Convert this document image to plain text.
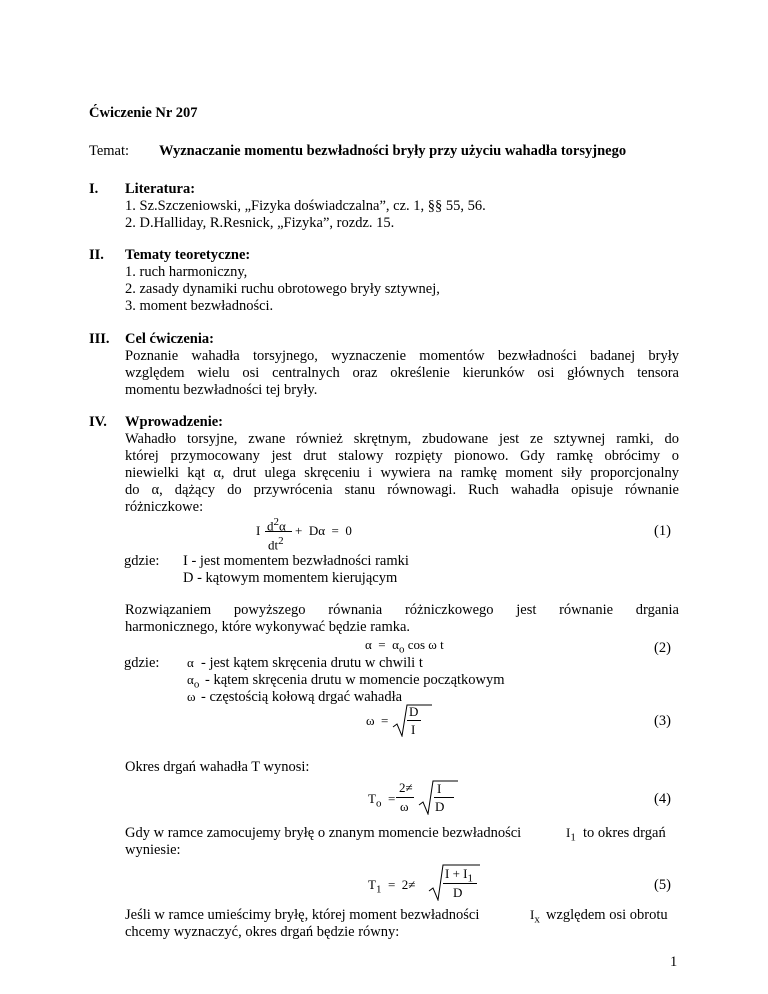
Ćwiczenie Nr 207
Temat: Wyznaczanie momentu bezwładności bryły przy użyciu wahadła torsyjnego
I. Literatura:
1. Sz.Szczeniowski, „Fizyka doświadczalna”, cz. 1, §§ 55, 56.
2. D.Halliday, R.Resnick, „Fizyka”, rozdz. 15.
II. Tematy teoretyczne:
1. ruch harmoniczny,
2. zasady dynamiki ruchu obrotowego bryły sztywnej,
3. moment bezwładności.
III. Cel ćwiczenia:
Poznanie wahadła torsyjnego, wyznaczenie momentów bezwładności badanej bryły
względem wielu osi centralnych oraz określenie kierunków osi głównych tensora
momentu bezwładności tej bryły.
IV. Wprowadzenie:
Wahadło torsyjne, zwane również skrętnym, zbudowane jest ze sztywnej ramki, do
której przymocowany jest drut stalowy rozpięty pionowo. Gdy ramkę obrócimy o
niewielki kąt α, drut ulega skręceniu i wywiera na ramkę moment siły proporcjonalny
do α, dążący do przywrócenia stanu równowagi. Ruch wahadła opisuje równanie
różniczkowe:
I $d^2\alpha$
$dt^2$
+  Dα  =  0	(1)
gdzie: I - jest momentem bezwładności ramki
D - kątowym momentem kierującym
Rozwiązaniem powyższego równania różniczkowego jest równanie drgania
harmonicznego, które wykonywać będzie ramka.
$\alpha = \alpha_o$ cos ω t	(2)
gdzie: α - jest kątem skręcenia drutu w chwili t
$\alpha_o$ - kątem skręcenia drutu w momencie początkowym
ω - częstością kołową drgać wahadła
ω  =
D
I
(3)
Okres drgań wahadła T wynosi:
$T_o$  =
2≠
ω
I
D	(4)
Gdy w ramce zamocujemy bryłę o znanym momencie bezwładności	$I_1$ to okres drgań
wyniesie:
$T_1 = 2\ne$
$I + I_1$
D	(5)
Jeśli w ramce umieścimy bryłę, której moment bezwładności	$I_x$ względem osi obrotu
chcemy wyznaczyć, okres drgań będzie równy:
1
